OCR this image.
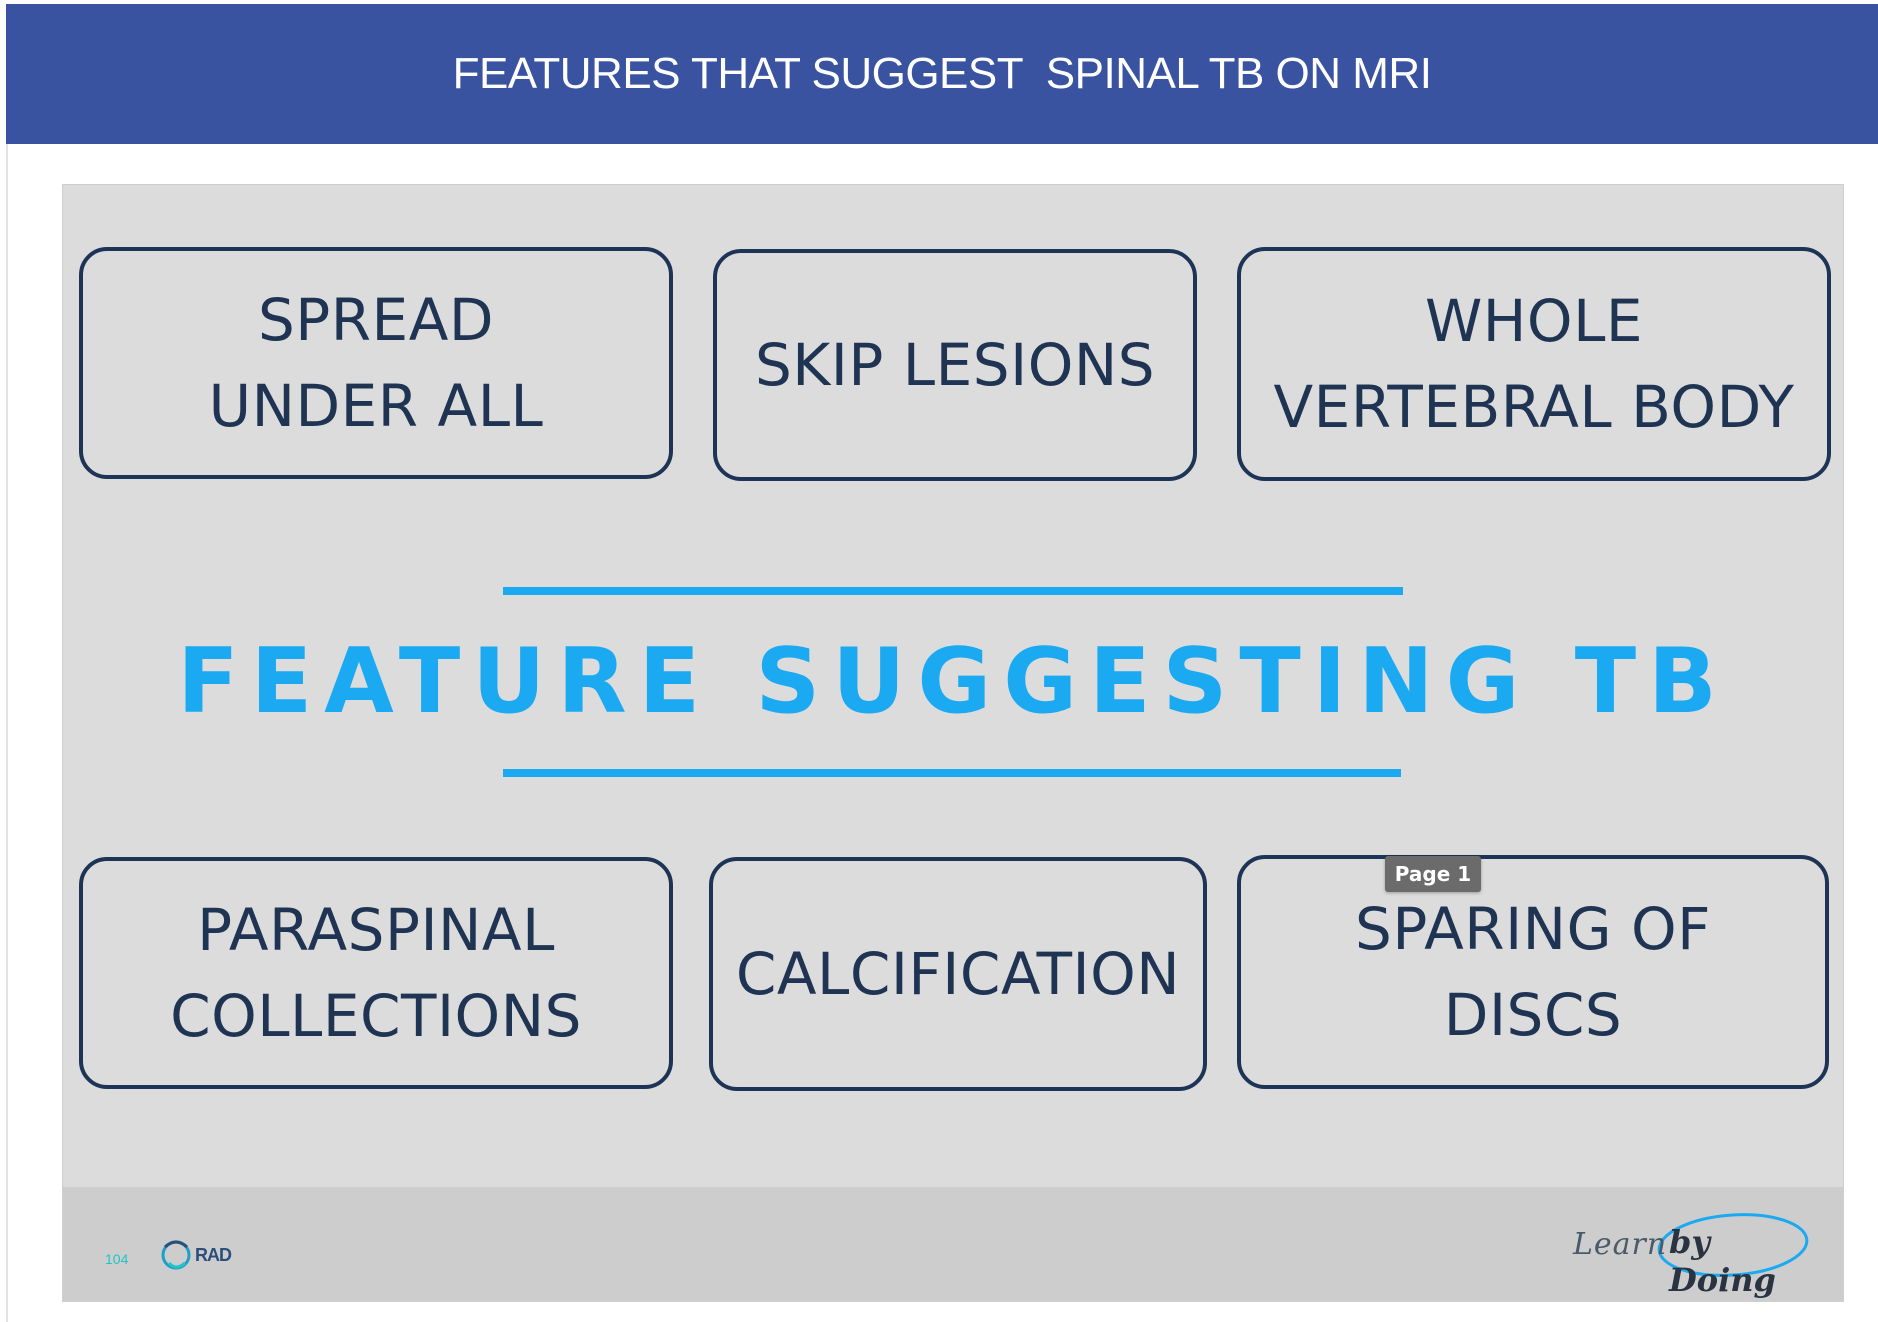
FEATURES THAT SUGGEST  SPINAL TB ON MRI
SPREAD
UNDER ALL
SKIP LESIONS
WHOLE
VERTEBRAL BODY
FEATURE SUGGESTING TB
PARASPINAL
COLLECTIONS
CALCIFICATION
SPARING OF
DISCS
104	RAD	Learn by Doing
Page 1
